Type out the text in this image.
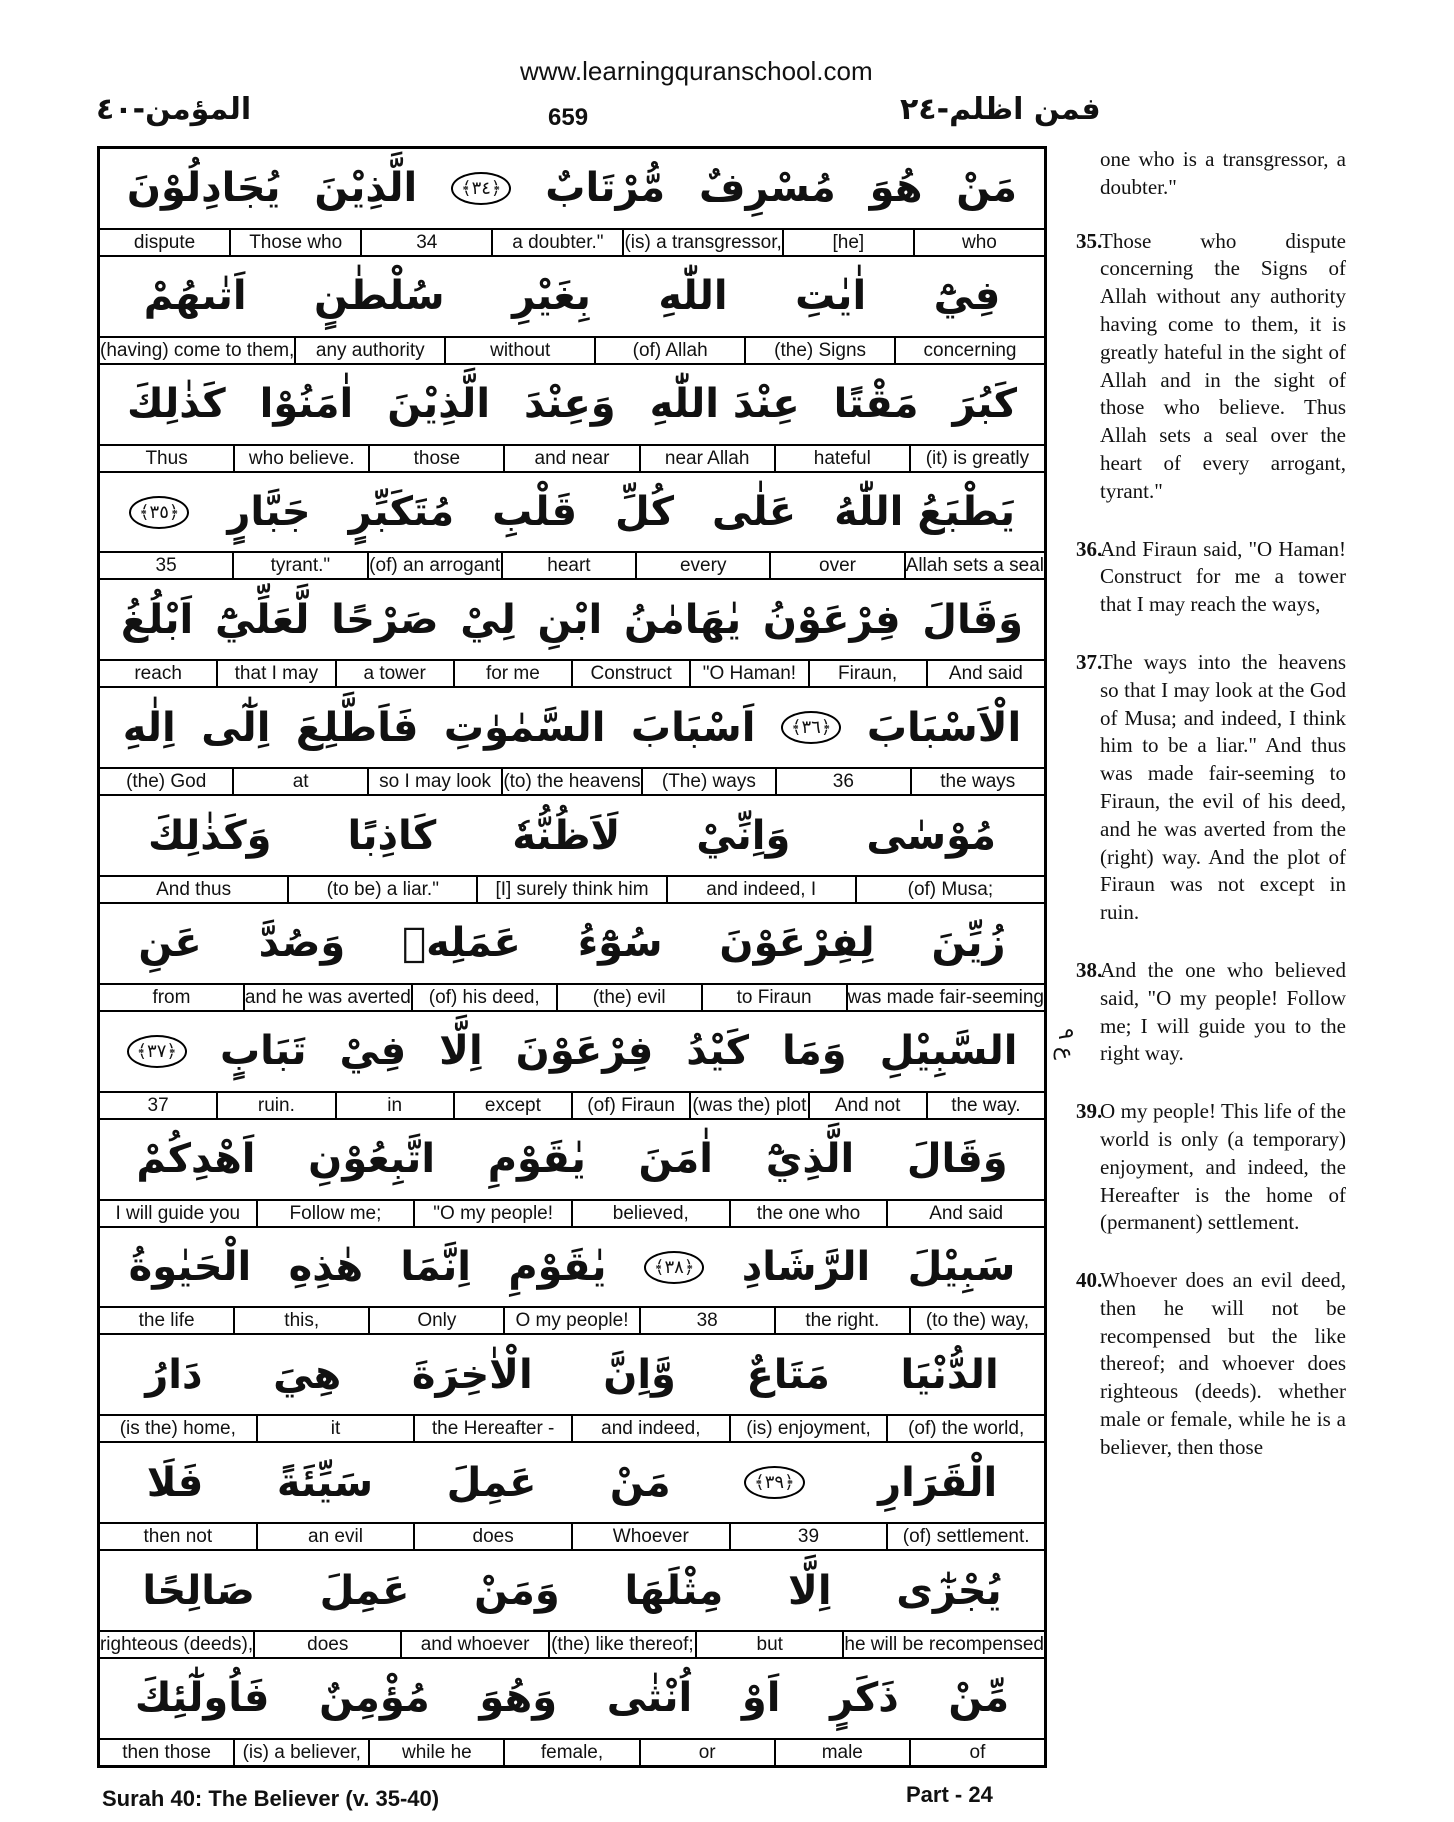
www.learningquranschool.com
فمن اظلم-٢٤
659
المؤمن-٤٠
مَنْ
هُوَ
مُسْرِفٌ
مُّرْتَابٌ
﴿٣٤﴾
الَّذِيْنَ
يُجَادِلُوْنَ
who
[he]
(is) a transgressor,
a doubter."
34
Those who
dispute
فِيْٓ
اٰيٰتِ
اللّٰهِ
بِغَيْرِ
سُلْطٰنٍ
اَتٰىهُمْ
concerning
(the) Signs
(of) Allah
without
any authority
(having) come to them,
كَبُرَ
مَقْتًا
عِنْدَ اللّٰهِ
وَعِنْدَ
الَّذِيْنَ
اٰمَنُوْا
كَذٰلِكَ
(it) is greatly
hateful
near Allah
and near
those
who believe.
Thus
يَطْبَعُ اللّٰهُ
عَلٰى
كُلِّ
قَلْبِ
مُتَكَبِّرٍ
جَبَّارٍ
﴿٣٥﴾
Allah sets a seal
over
every
heart
(of) an arrogant
tyrant."
35
وَقَالَ
فِرْعَوْنُ
يٰهَامٰنُ
ابْنِ
لِيْ
صَرْحًا
لَّعَلِّيْٓ
اَبْلُغُ
And said
Firaun,
"O Haman!
Construct
for me
a tower
that I may
reach
الْاَسْبَابَ
﴿٣٦﴾
اَسْبَابَ
السَّمٰوٰتِ
فَاَطَّلِعَ
اِلٰٓى
اِلٰهِ
the ways
36
(The) ways
(to) the heavens
so I may look
at
(the) God
مُوْسٰى
وَاِنِّيْ
لَاَظُنُّهٗ
كَاذِبًا
وَكَذٰلِكَ
(of) Musa;
and indeed, I
[I] surely think him
(to be) a liar."
And thus
زُيِّنَ
لِفِرْعَوْنَ
سُوْٓءُ
عَمَلِهٖ
وَصُدَّ
عَنِ
was made fair-seeming
to Firaun
(the) evil
(of) his deed,
and he was averted
from
السَّبِيْلِ
وَمَا
كَيْدُ
فِرْعَوْنَ
اِلَّا
فِيْ
تَبَابٍ
﴿٣٧﴾
the way.
And not
(was the) plot
(of) Firaun
except
in
ruin.
37
وَقَالَ
الَّذِيْٓ
اٰمَنَ
يٰقَوْمِ
اتَّبِعُوْنِ
اَهْدِكُمْ
And said
the one who
believed,
"O my people!
Follow me;
I will guide you
سَبِيْلَ
الرَّشَادِ
﴿٣٨﴾
يٰقَوْمِ
اِنَّمَا
هٰذِهِ
الْحَيٰوةُ
(to the) way,
the right.
38
O my people!
Only
this,
the life
الدُّنْيَا
مَتَاعٌ
وَّاِنَّ
الْاٰخِرَةَ
هِيَ
دَارُ
(of) the world,
(is) enjoyment,
and indeed,
the Hereafter -
it
(is the) home,
الْقَرَارِ
﴿٣٩﴾
مَنْ
عَمِلَ
سَيِّئَةً
فَلَا
(of) settlement.
39
Whoever
does
an evil
then not
يُجْزٰٓى
اِلَّا
مِثْلَهَا
وَمَنْ
عَمِلَ
صَالِحًا
he will be recompensed
but
(the) like thereof;
and whoever
does
righteous (deeds),
مِّنْ
ذَكَرٍ
اَوْ
اُنْثٰى
وَهُوَ
مُؤْمِنٌ
فَاُولٰٓئِكَ
of
male
or
female,
while he
(is) a believer,
then those
ع ٩
one who is a transgressor, a doubter."
35.
Those who dispute concerning the Signs of Allah without any authority having come to them, it is greatly hateful in the sight of Allah and in the sight of those who believe. Thus Allah sets a seal over the heart of every arrogant, tyrant."
36.
And Firaun said, "O Haman! Construct for me a tower that I may reach the ways,
37.
The ways into the heavens so that I may look at the God of Musa; and indeed, I think him to be a liar." And thus was made fair-seeming to Firaun, the evil of his deed, and he was averted from the (right) way. And the plot of Firaun was not except in ruin.
38.
And the one who believed said, "O my people! Follow me; I will guide you to the right way.
39.
O my people! This life of the world is only (a temporary) enjoyment, and indeed, the Hereafter is the home of (permanent) settlement.
40.
Whoever does an evil deed, then he will not be recompensed but the like thereof; and whoever does righteous (deeds). whether male or female, while he is a believer, then those
Surah 40: The Believer (v. 35-40)	Part - 24
